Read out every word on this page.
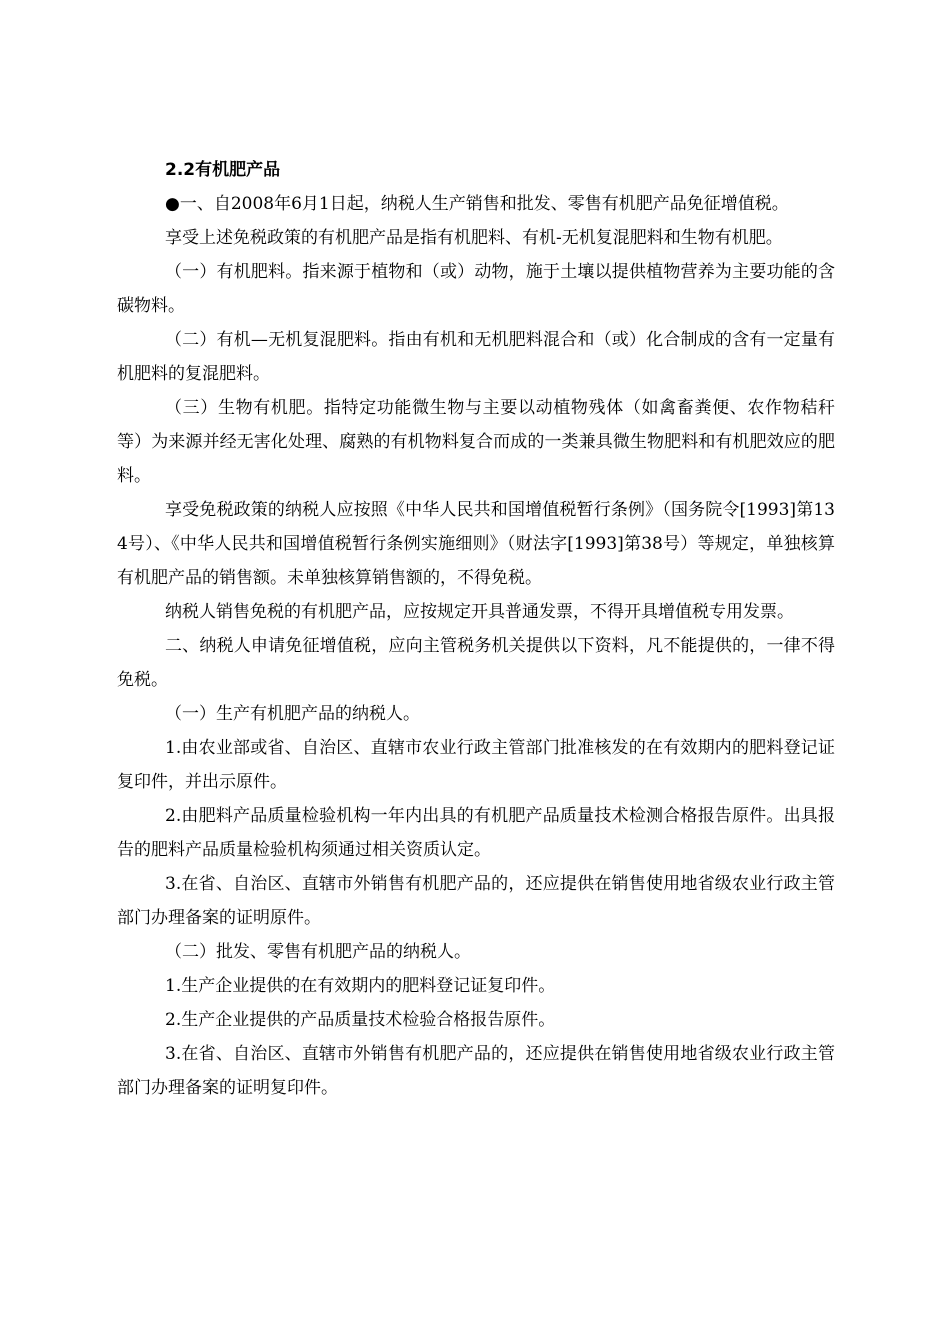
2.2有机肥产品

●一、自2008年6月1日起，纳税人生产销售和批发、零售有机肥产品免征增值税。

享受上述免税政策的有机肥产品是指有机肥料、有机-无机复混肥料和生物有机肥。

（一）有机肥料。指来源于植物和（或）动物，施于土壤以提供植物营养为主要功能的含碳物料。

（二）有机—无机复混肥料。指由有机和无机肥料混合和（或）化合制成的含有一定量有机肥料的复混肥料。

（三）生物有机肥。指特定功能微生物与主要以动植物残体（如禽畜粪便、农作物秸秆等）为来源并经无害化处理、腐熟的有机物料复合而成的一类兼具微生物肥料和有机肥效应的肥料。

享受免税政策的纳税人应按照《中华人民共和国增值税暂行条例》（国务院令[1993]第134号）、《中华人民共和国增值税暂行条例实施细则》（财法字[1993]第38号）等规定，单独核算有机肥产品的销售额。未单独核算销售额的，不得免税。

纳税人销售免税的有机肥产品，应按规定开具普通发票，不得开具增值税专用发票。

二、纳税人申请免征增值税，应向主管税务机关提供以下资料，凡不能提供的，一律不得免税。

（一）生产有机肥产品的纳税人。

1.由农业部或省、自治区、直辖市农业行政主管部门批准核发的在有效期内的肥料登记证复印件，并出示原件。

2.由肥料产品质量检验机构一年内出具的有机肥产品质量技术检测合格报告原件。出具报告的肥料产品质量检验机构须通过相关资质认定。

3.在省、自治区、直辖市外销售有机肥产品的，还应提供在销售使用地省级农业行政主管部门办理备案的证明原件。

（二）批发、零售有机肥产品的纳税人。

1.生产企业提供的在有效期内的肥料登记证复印件。

2.生产企业提供的产品质量技术检验合格报告原件。

3.在省、自治区、直辖市外销售有机肥产品的，还应提供在销售使用地省级农业行政主管部门办理备案的证明复印件。
